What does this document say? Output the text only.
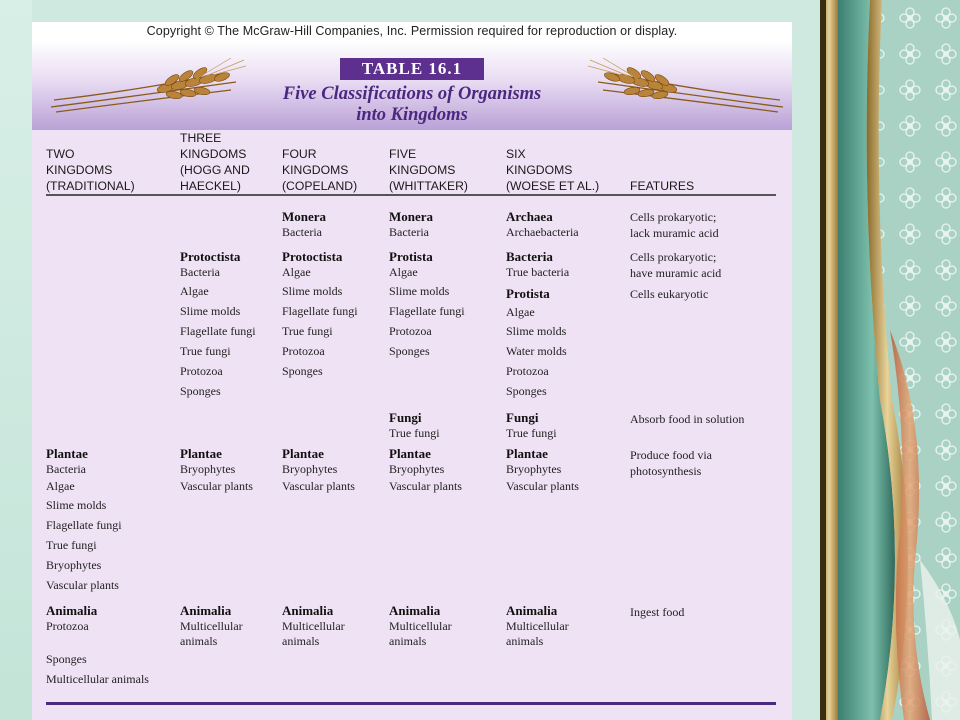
Copyright © The McGraw-Hill Companies, Inc. Permission required for reproduction or display.
TABLE 16.1
Five Classifications of Organisms
into Kingdoms
TWO
KINGDOMS
(TRADITIONAL)
THREE
KINGDOMS
(HOGG AND
HAECKEL)
FOUR
KINGDOMS
(COPELAND)
FIVE
KINGDOMS
(WHITTAKER)
SIX
KINGDOMS
(WOESE ET AL.)	FEATURES
Monera
Bacteria
Monera
Bacteria
Archaea
Archaebacteria
Cells prokaryotic;
lack muramic acid
Protoctista
Bacteria
Algae
Slime molds
Flagellate fungi
True fungi
Protozoa
Sponges
Protoctista
Algae
Slime molds
Flagellate fungi
True fungi
Protozoa
Sponges
Protista
Algae
Slime molds
Flagellate fungi
Protozoa
Sponges
Bacteria
True bacteria
Cells prokaryotic;
have muramic acid
Protista
Algae
Slime molds
Water molds
Protozoa
Sponges
Cells eukaryotic
Fungi
True fungi
Fungi
True fungi
Absorb food in solution
Plantae
Bacteria
Algae
Slime molds
Flagellate fungi
True fungi
Bryophytes
Vascular plants
Plantae
Bryophytes
Vascular plants
Plantae
Bryophytes
Vascular plants
Plantae
Bryophytes
Vascular plants
Plantae
Bryophytes
Vascular plants
Produce food via
photosynthesis
Animalia
Protozoa
Sponges
Multicellular animals
Animalia
Multicellular
animals
Animalia
Multicellular
animals
Animalia
Multicellular
animals
Animalia
Multicellular
animals
Ingest food
